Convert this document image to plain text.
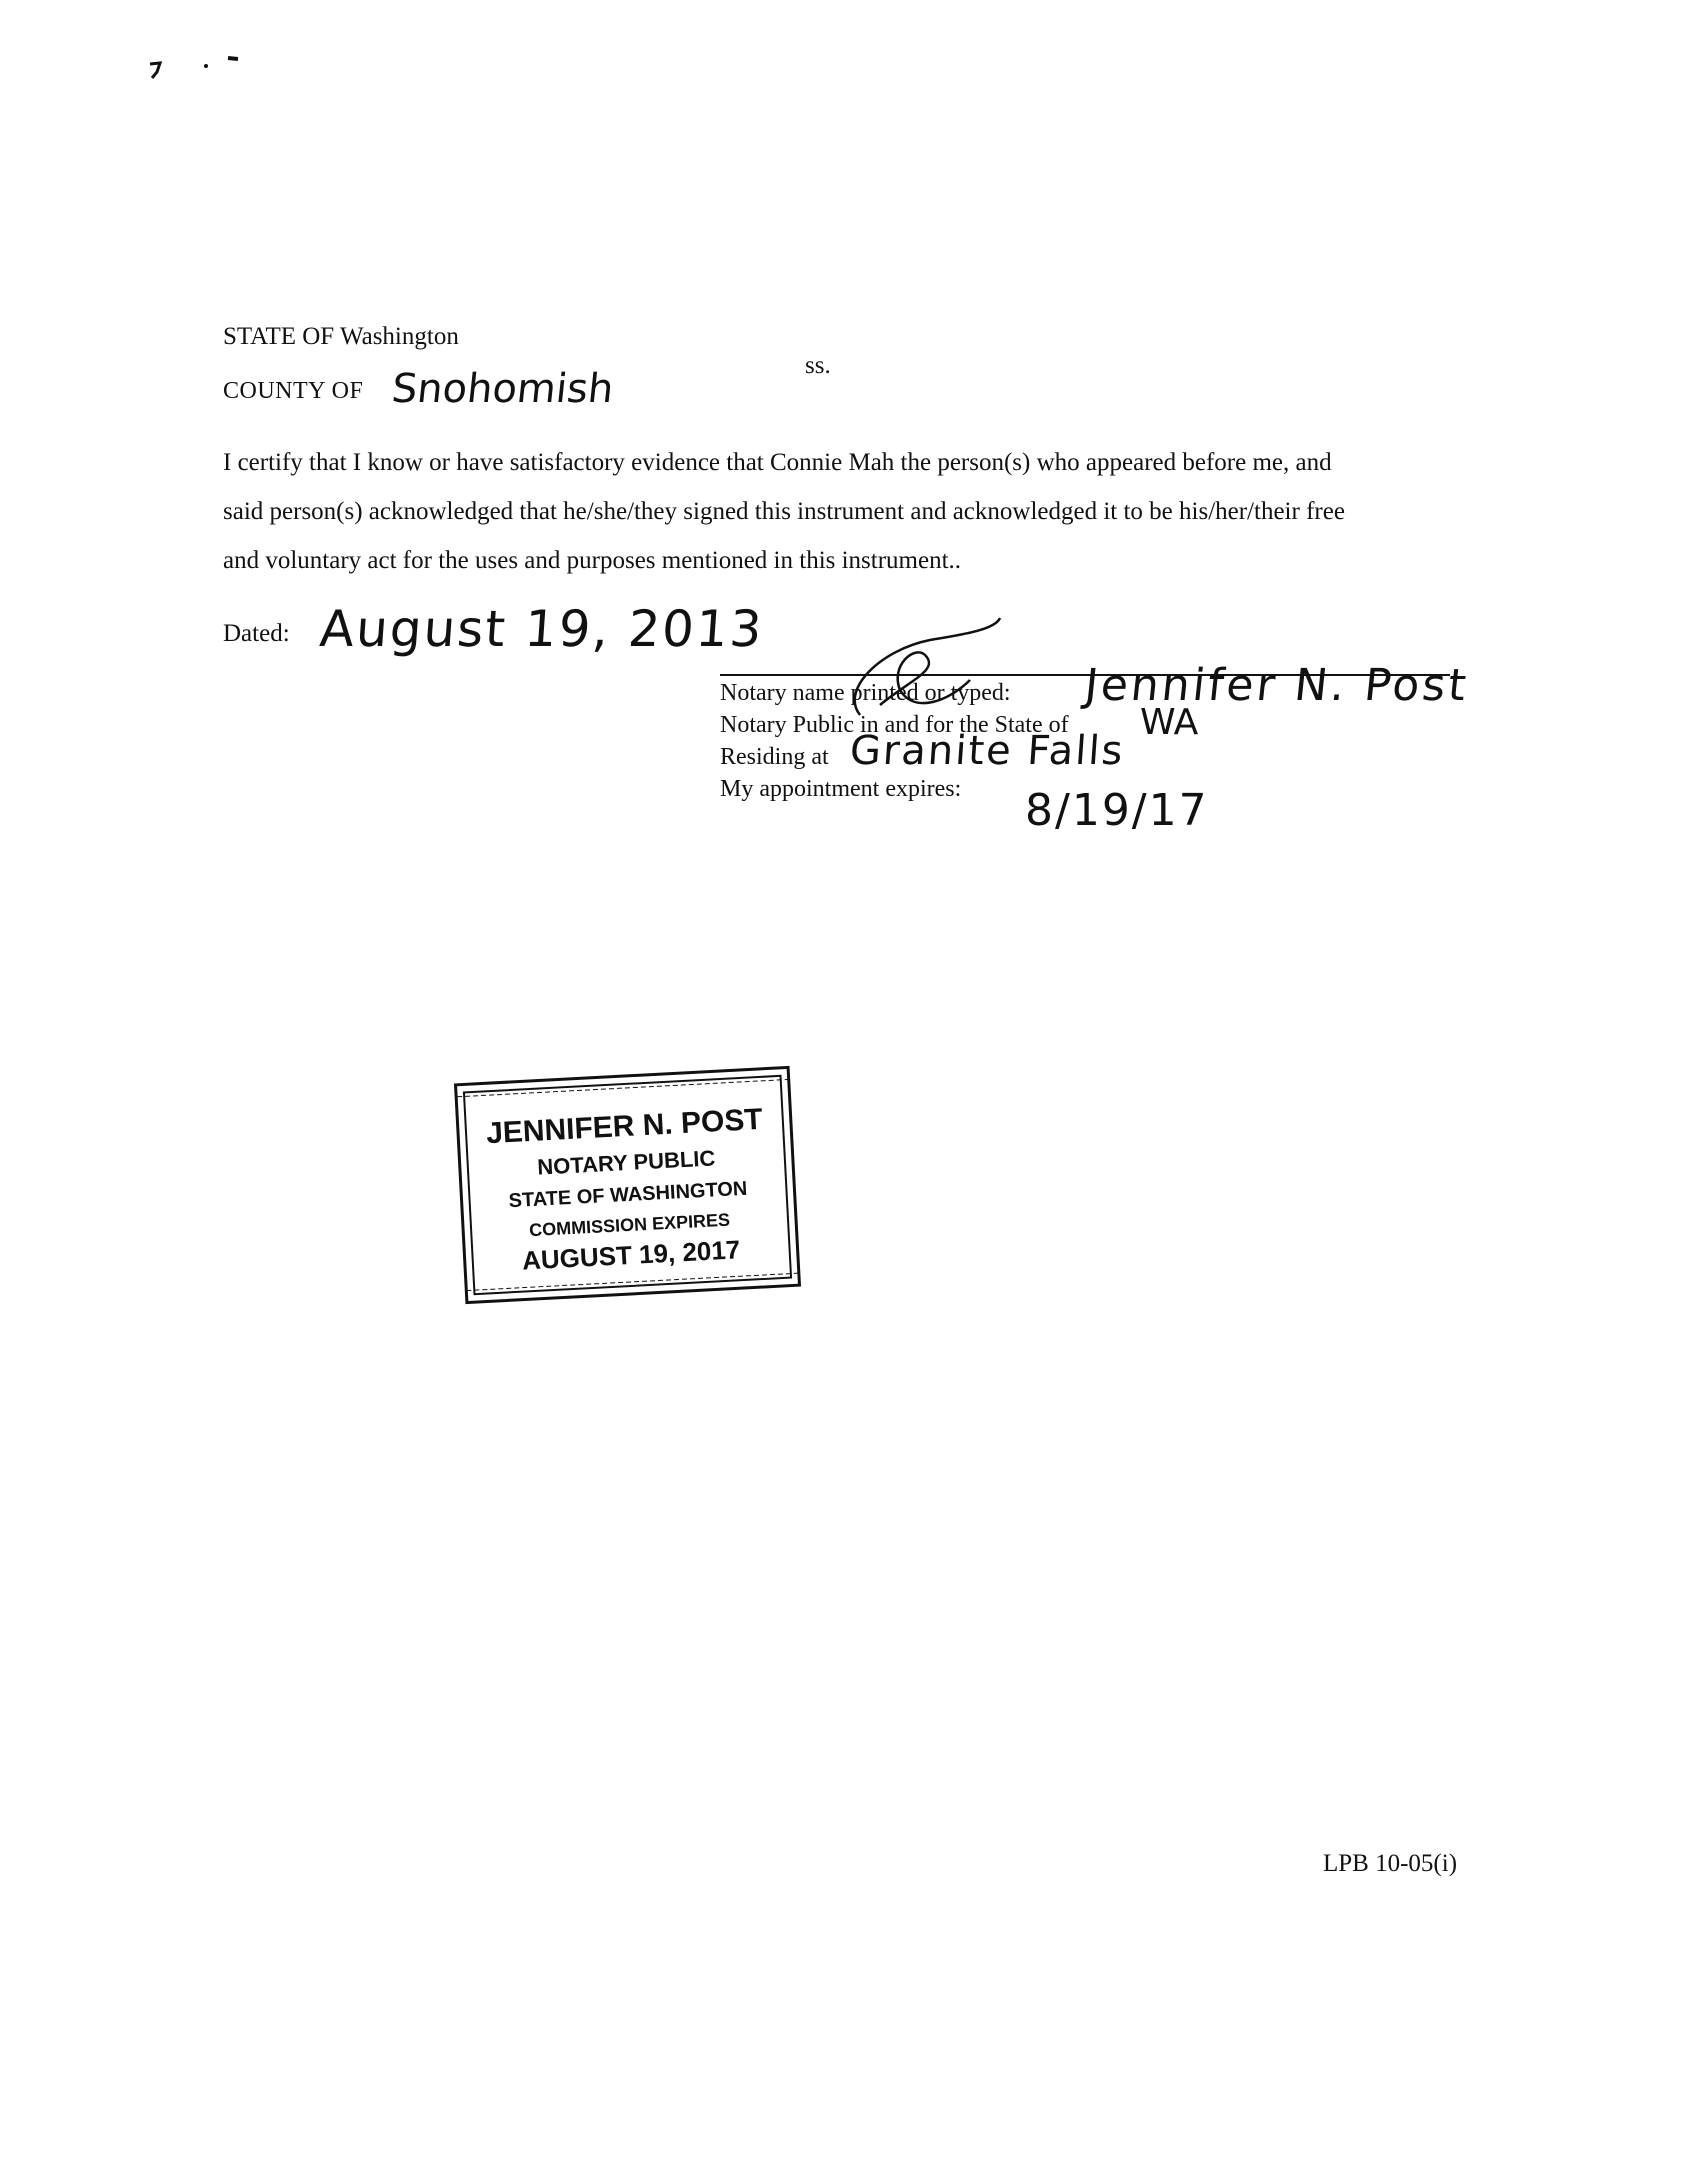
STATE OF Washington
ss.
COUNTY OF Snohomish

I certify that I know or have satisfactory evidence that Connie Mah the person(s) who appeared before me, and

said person(s) acknowledged that he/she/they signed this instrument and acknowledged it to be his/her/their free

and voluntary act for the uses and purposes mentioned in this instrument..

Dated: August 19, 2013
Notary name printed or typed: Jennifer N. Post
Notary Public in and for the State of WA
Residing at Granite Falls
My appointment expires: 8/19/17
JENNIFER N. POST
NOTARY PUBLIC
STATE OF WASHINGTON
COMMISSION EXPIRES
AUGUST 19, 2017
LPB 10-05(i)
